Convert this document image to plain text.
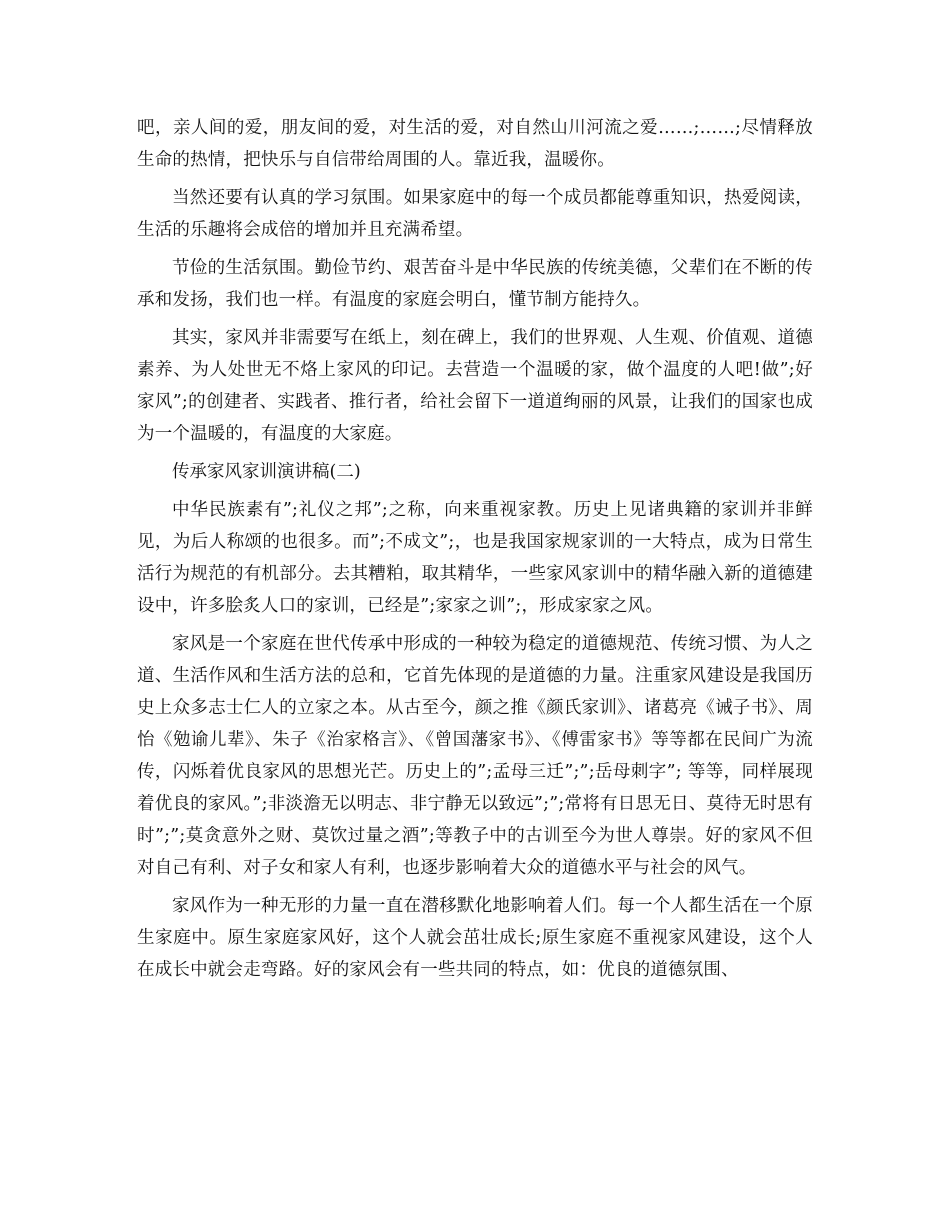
吧，亲人间的爱，朋友间的爱，对生活的爱，对自然山川河流之爱……;……;尽情释放生命的热情，把快乐与自信带给周围的人。靠近我，温暖你。

当然还要有认真的学习氛围。如果家庭中的每一个成员都能尊重知识，热爱阅读，生活的乐趣将会成倍的增加并且充满希望。

节俭的生活氛围。勤俭节约、艰苦奋斗是中华民族的传统美德，父辈们在不断的传承和发扬，我们也一样。有温度的家庭会明白，懂节制方能持久。

其实，家风并非需要写在纸上，刻在碑上，我们的世界观、人生观、价值观、道德素养、为人处世无不烙上家风的印记。去营造一个温暖的家，做个温度的人吧!做”;好家风”;的创建者、实践者、推行者，给社会留下一道道绚丽的风景，让我们的国家也成为一个温暖的，有温度的大家庭。

传承家风家训演讲稿(二)

中华民族素有”;礼仪之邦”;之称，向来重视家教。历史上见诸典籍的家训并非鲜见，为后人称颂的也很多。而”;不成文”;，也是我国家规家训的一大特点，成为日常生活行为规范的有机部分。去其糟粕，取其精华，一些家风家训中的精华融入新的道德建设中，许多脍炙人口的家训，已经是”;家家之训”;，形成家家之风。

家风是一个家庭在世代传承中形成的一种较为稳定的道德规范、传统习惯、为人之道、生活作风和生活方法的总和，它首先体现的是道德的力量。注重家风建设是我国历史上众多志士仁人的立家之本。从古至今，颜之推《颜氏家训》、诸葛亮《诫子书》、周怡《勉谕儿辈》、朱子《治家格言》、《曾国藩家书》、《傅雷家书》等等都在民间广为流传，闪烁着优良家风的思想光芒。历史上的”;孟母三迁”;”;岳母刺字”; 等等，同样展现着优良的家风。”;非淡澹无以明志、非宁静无以致远”;”;常将有日思无日、莫待无时思有时”;”;莫贪意外之财、莫饮过量之酒”;等教子中的古训至今为世人尊崇。好的家风不但对自己有利、对子女和家人有利，也逐步影响着大众的道德水平与社会的风气。

家风作为一种无形的力量一直在潜移默化地影响着人们。每一个人都生活在一个原生家庭中。原生家庭家风好，这个人就会茁壮成长;原生家庭不重视家风建设，这个人在成长中就会走弯路。好的家风会有一些共同的特点，如：优良的道德氛围、
